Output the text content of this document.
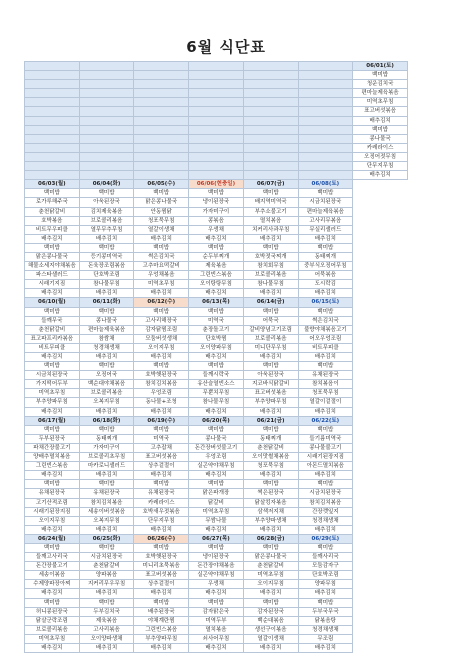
6월 식단표
						06/01(토)
						백미밥
						청운김치국
						편마늘제육볶음
						미역초무침
						표고버섯볶음
						배추김치
						백미밥
						콩나물국
						카레라이스
						오징어젓무침
						단무지무침
						배추김치
06/03(월)	06/04(화)	06/05(수)	06/06(현충일)	06/07(금)	06/08(토)	
백미밥	백미밥	백미밥	백미밥	백미밥	백미밥	
로가루해주국	아욱된장국	맑은콩나물국	냉이된장국	배지역미역국	시금치된장국	
춘천닭갈비	김치제육볶음	안동찜닭	가자미구이	부추소불고기	편마늘제육볶음	
호박볶음	브로콜리볶음	청포묵무침	콩볶음	멸치볶음	고사리무볶음	
비트무우피클	열무무추무침	열갈이생채	우생채	치커리사과무침	무실리샐러드	
배추김치	배추김치	배추김치	배추김치	배추김치	배추김치	
백미밥	백미밥	백미밥	백미밥	백미밥	백미밥	
맑은콩나물국	등기콩미역국	썩은김치국	순두부찌개	호박젓국찌개	동태찌개	
해물소세지야채볶음	돈육장조림볶음	고추마요떡갈비	제육볶음	참치회무침	중부식오징어무침	
파스타샐러드	단호박조림	우엉채볶음	그린빈스볶음	브로콜리볶음	어묵볶음	
시래기지짐	참나물무침	미역초무침	오이탕탕무침	참나물무침	도시락김	
배추김치	배추김치	배추김치	배추김치	배추김치	배추김치	
06/10(월)	06/11(화)	06/12(수)	06/13(목)	06/14(금)	06/15(토)	
백미밥	백미밥	백미밥	백미밥	백미밥	백미밥	
들깨무국	콩나물국	고사리해장국	미역국	어묵국	썩은김치국	
춘천닭갈비	편마늘제육볶음	감자닭찜조림	춘장돌고기	갈비양념고기조림	불향야채볶음고기	
표고파프리카볶음	참쌈채	모둠버섯생채	단호박찜	브로콜리볶음	어오우엉조림	
비트무피클	청경채생채	오이지무침	오이양파무침	미니단무우침	비트무피클	
배추김치	배추김치	배추김치	배추김치	배추김치	배추김치	
백미밥	백미밥	백미밥	백미밥	백미밥	백미밥	
시금치된장국	오징어국	호박햇된장국	들깨시락국	아욱된장국	유채된장국	
가지떡어두부	백순대야채볶음	참치김치볶음	유산슬열빈소스	지코바식닭갈비	참치볶음이	
미역초무침	브로콜리볶음	우엉조림	무뿐치무침	표고버섯볶음	청포묵무침	
부추양파무침	오복지무침	동나물+조청	참나물무침	부추양파무침	열갈이겉절이	
배추김치	배추김치	배추김치	배추김치	배추김치	배추김치	
06/17(월)	06/18(화)	06/19(수)	06/20(목)	06/21(금)	06/22(토)	
백미밥	백미밥	백미밥	백미밥	백미밥	백미밥	
두부된장국	동태찌개	미역국	콩나물국	동태찌개	들기름미역국	
파채간장불고기	가자미구이	고추잡채	돈간장버섯불고기	춘천닭갈비	콩나물불고기	
양배추멸치볶음	브로콜리초무침	표고버섯볶음	우엉조림	오이맛썰채볶음	시래기된장지짐	
그린빈스볶음	마카로니샐러드	상추겉절이	실곤약야채무침	청포묵무침	아몬드멸치볶음	
배추김치	배추김치	배추김치	배추김치	배추김치	배추김치	
백미밥	백미밥	백미밥	백미밥	백미밥	백미밥	
유채된장국	유채된장국	유채된장국	맑은파개장	썩은된장국	시금치된장국	
고기산적조림	참치김치볶음	카레라이스	닭갈비	닭살킹자볶음	참치김치볶음	
시래기된장지짐	세송이버섯볶음	호박새우젓볶음	미역초무침	삼색저지채	간장깻잎지	
오이지무침	오복지무침	단무지무침	무쌈나물	부추양파생채	청경채생채	
배추김치	배추김치	배추김치	배추김치	배추김치	배추김치	
06/24(월)	06/25(화)	06/26(수)	06/27(목)	06/28(금)	06/29(토)	
백미밥	백미밥	백미밥	백미밥	백미밥	백미밥	
들깨고사리국	시금치된장국	호박햇된장국	냉이된장국	맑은콩나물국	들깨사리국	
돈간장불고기	춘천닭갈비	미니리초묵볶음	돈간장야채볶음	춘천닭갈비	모둠감자구	
세송이볶음	양파볶음	표고버섯볶음	실곤약야채무침	미역초무침	단호박조림	
수제양파장아찌	지커리무우무침	상추겉절이	우생채	오이지무침	양파무침	
배추김치	배추김치	배추김치	배추김치	배추김치	배추김치	
백미밥	백미밥	백미밥	백미밥	백미밥	백미밥	
허니콩된장국	두부김치국	배추된장국	감자맑은국	감자된장국	두부국무국	
닭살군락조림	제육볶음	야채계란찜	미역두부	백순대볶음	닭볶음탕	
브로콜리볶음	고사리볶음	그린빈스볶음	멸치볶음	생선구이볶음	청경채생채	
미역초무침	오이양파생채	부추양파무침	쇠사어무침	열갈이생채	무조림	
배추김치	배추김치	배추김치	배추김치	배추김치	배추김치	
